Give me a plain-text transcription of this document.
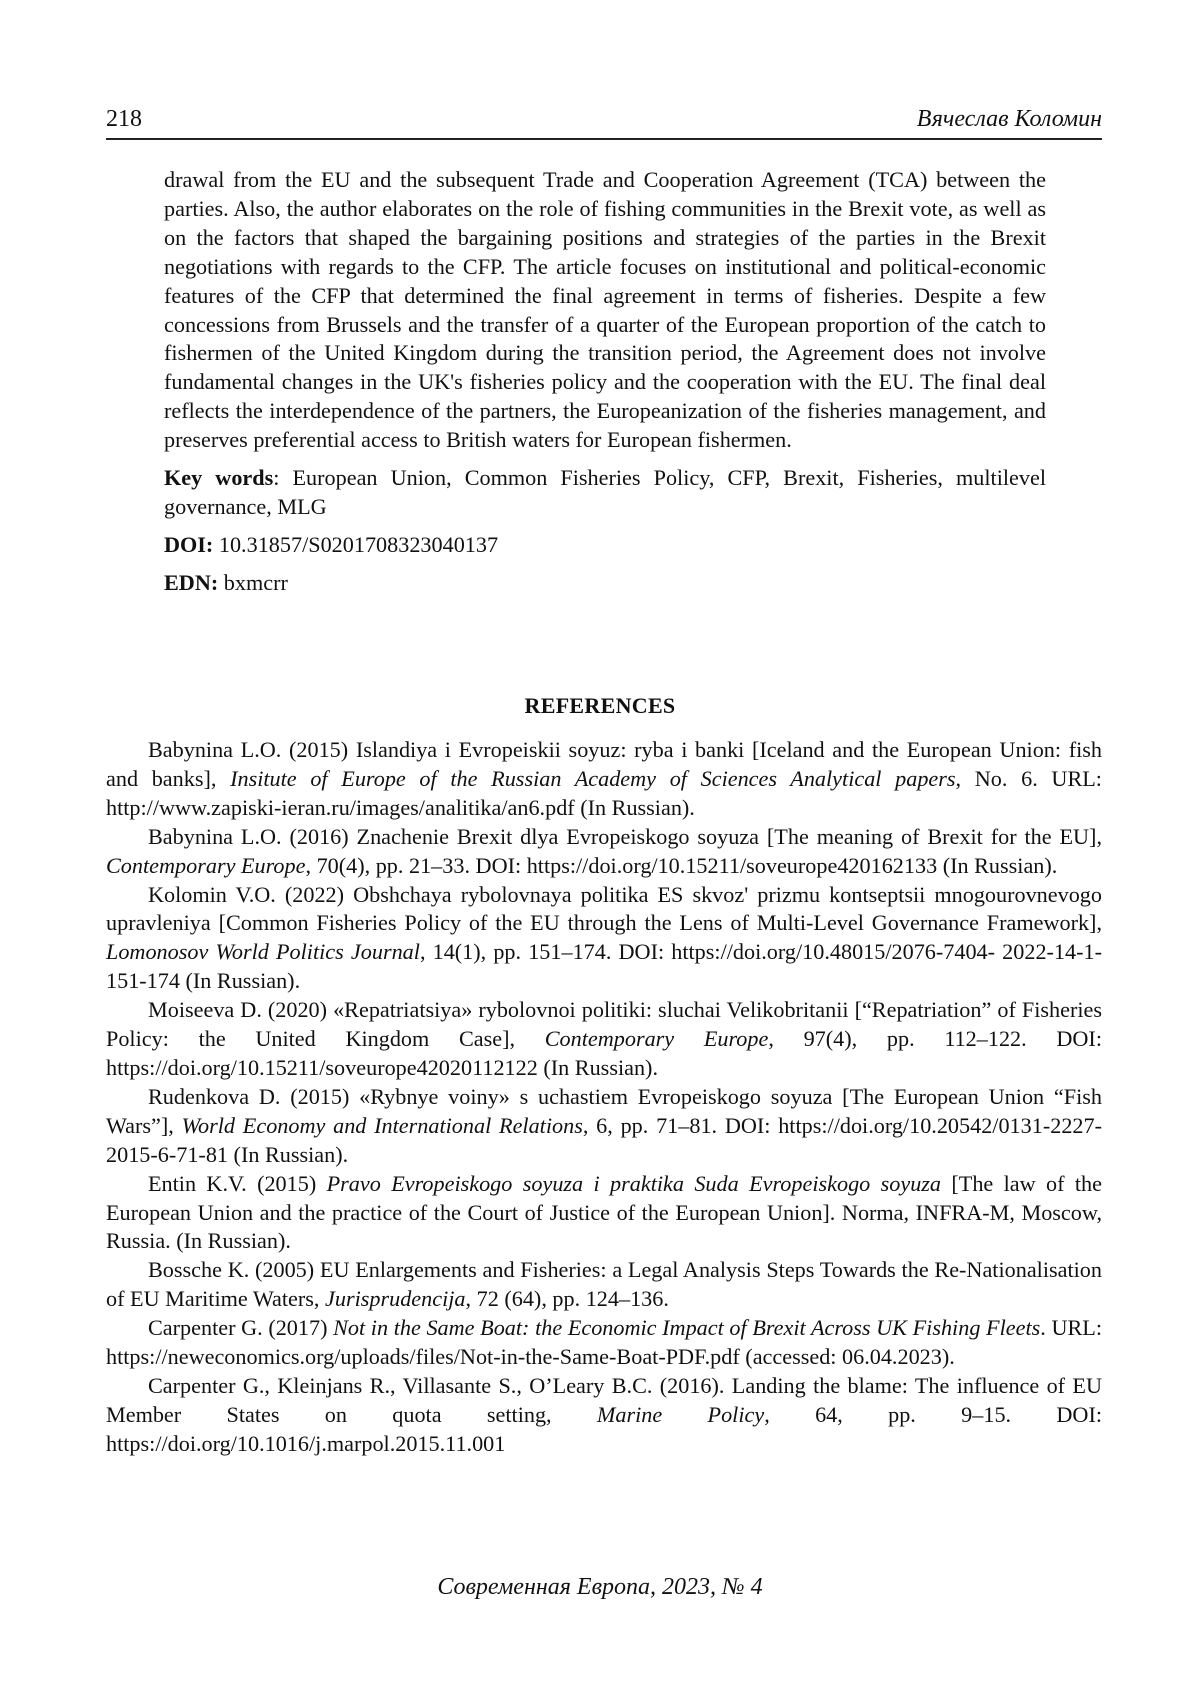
218	Вячеслав Коломин

drawal from the EU and the subsequent Trade and Cooperation Agreement (TCA) between the parties. Also, the author elaborates on the role of fishing communities in the Brexit vote, as well as on the factors that shaped the bargaining positions and strategies of the parties in the Brexit negotiations with regards to the CFP. The article focuses on institutional and political-economic features of the CFP that determined the final agreement in terms of fisheries. Despite a few concessions from Brussels and the transfer of a quarter of the European proportion of the catch to fishermen of the United Kingdom during the transition period, the Agreement does not involve fundamental changes in the UK's fisheries policy and the cooperation with the EU. The final deal reflects the interdependence of the partners, the Europeanization of the fisheries management, and preserves preferential access to British waters for European fishermen.

Key words: European Union, Common Fisheries Policy, CFP, Brexit, Fisheries, multilevel governance, MLG

DOI: 10.31857/S0201708323040137

EDN: bxmcrr

REFERENCES
Babynina L.O. (2015) Islandiya i Evropeiskii soyuz: ryba i banki [Iceland and the European Union: fish and banks], Insitute of Europe of the Russian Academy of Sciences Analytical papers, No. 6. URL: http://www.zapiski-ieran.ru/images/analitika/an6.pdf (In Russian).
Babynina L.O. (2016) Znachenie Brexit dlya Evropeiskogo soyuza [The meaning of Brexit for the EU], Contemporary Europe, 70(4), pp. 21–33. DOI: https://doi.org/10.15211/soveurope420162133 (In Russian).
Kolomin V.O. (2022) Obshchaya rybolovnaya politika ES skvoz' prizmu kontseptsii mnogourovnevogo upravleniya [Common Fisheries Policy of the EU through the Lens of Multi-Level Governance Framework], Lomonosov World Politics Journal, 14(1), pp. 151–174. DOI: https://doi.org/10.48015/2076-7404- 2022-14-1-151-174 (In Russian).
Moiseeva D. (2020) «Repatriatsiya» rybolovnoi politiki: sluchai Velikobritanii [“Repatriation” of Fisheries Policy: the United Kingdom Case], Contemporary Europe, 97(4), pp. 112–122. DOI: https://doi.org/10.15211/soveurope42020112122 (In Russian).
Rudenkova D. (2015) «Rybnye voiny» s uchastiem Evropeiskogo soyuza [The European Union “Fish Wars”], World Economy and International Relations, 6, pp. 71–81. DOI: https://doi.org/10.20542/0131-2227-2015-6-71-81 (In Russian).
Entin K.V. (2015) Pravo Evropeiskogo soyuza i praktika Suda Evropeiskogo soyuza [The law of the European Union and the practice of the Court of Justice of the European Union]. Norma, INFRA-M, Moscow, Russia. (In Russian).
Bossche K. (2005) EU Enlargements and Fisheries: a Legal Analysis Steps Towards the Re-Nationalisation of EU Maritime Waters, Jurisprudencija, 72 (64), pp. 124–136.
Carpenter G. (2017) Not in the Same Boat: the Economic Impact of Brexit Across UK Fishing Fleets. URL: https://neweconomics.org/uploads/files/Not-in-the-Same-Boat-PDF.pdf (accessed: 06.04.2023).
Carpenter G., Kleinjans R., Villasante S., O’Leary B.C. (2016). Landing the blame: The influence of EU Member States on quota setting, Marine Policy, 64, pp. 9–15. DOI: https://doi.org/10.1016/j.marpol.2015.11.001
Современная Европа, 2023, № 4
